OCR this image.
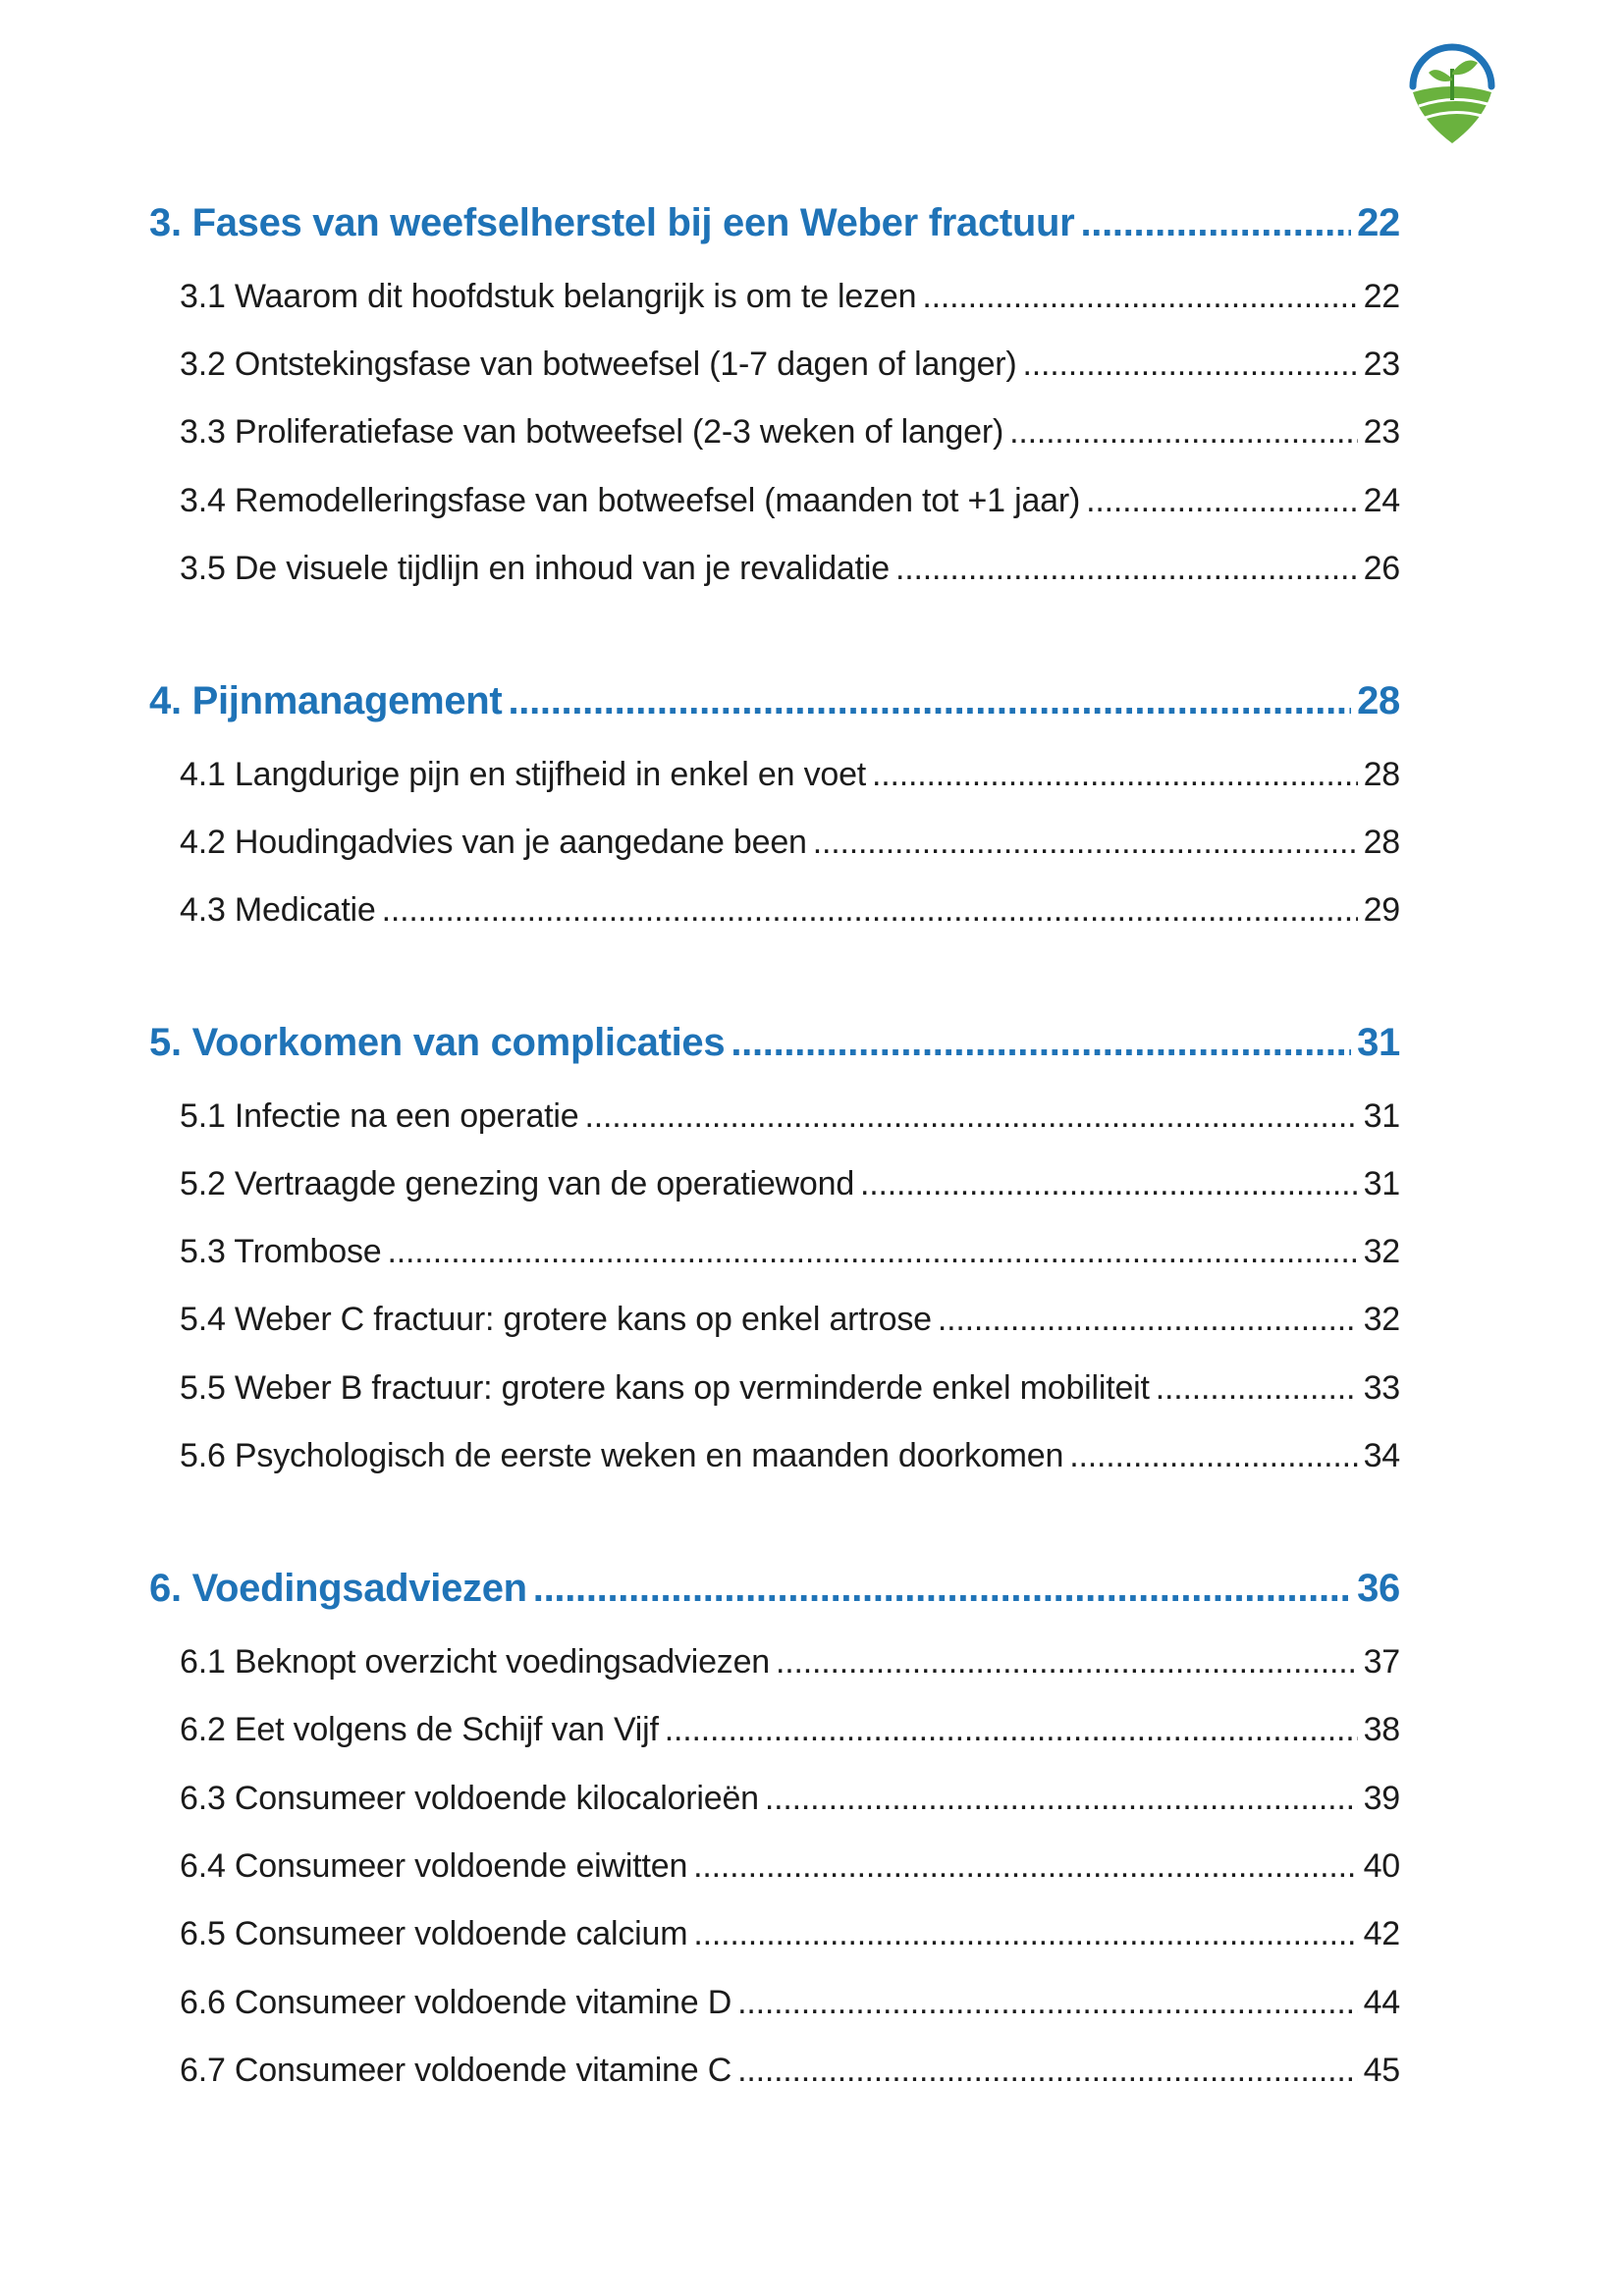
3. Fases van weefselherstel bij een Weber fractuur .....	22
3.1 Waarom dit hoofdstuk belangrijk is om te lezen .....	22
3.2 Ontstekingsfase van botweefsel (1-7 dagen of langer) .....	23
3.3 Proliferatiefase van botweefsel (2-3 weken of langer) .....	23
3.4 Remodelleringsfase van botweefsel (maanden tot +1 jaar) .....	24
3.5 De visuele tijdlijn en inhoud van je revalidatie .....	26
4. Pijnmanagement .....	28
4.1 Langdurige pijn en stijfheid in enkel en voet .....	28
4.2 Houdingadvies van je aangedane been .....	28
4.3 Medicatie .....	29
5. Voorkomen van complicaties .....	31
5.1 Infectie na een operatie .....	31
5.2 Vertraagde genezing van de operatiewond .....	31
5.3 Trombose .....	32
5.4 Weber C fractuur: grotere kans op enkel artrose .....	32
5.5 Weber B fractuur: grotere kans op verminderde enkel mobiliteit .....	33
5.6 Psychologisch de eerste weken en maanden doorkomen .....	34
6. Voedingsadviezen .....	36
6.1 Beknopt overzicht voedingsadviezen .....	37
6.2 Eet volgens de Schijf van Vijf .....	38
6.3 Consumeer voldoende kilocalorieën .....	39
6.4 Consumeer voldoende eiwitten .....	40
6.5 Consumeer voldoende calcium .....	42
6.6 Consumeer voldoende vitamine D .....	44
6.7 Consumeer voldoende vitamine C .....	45
